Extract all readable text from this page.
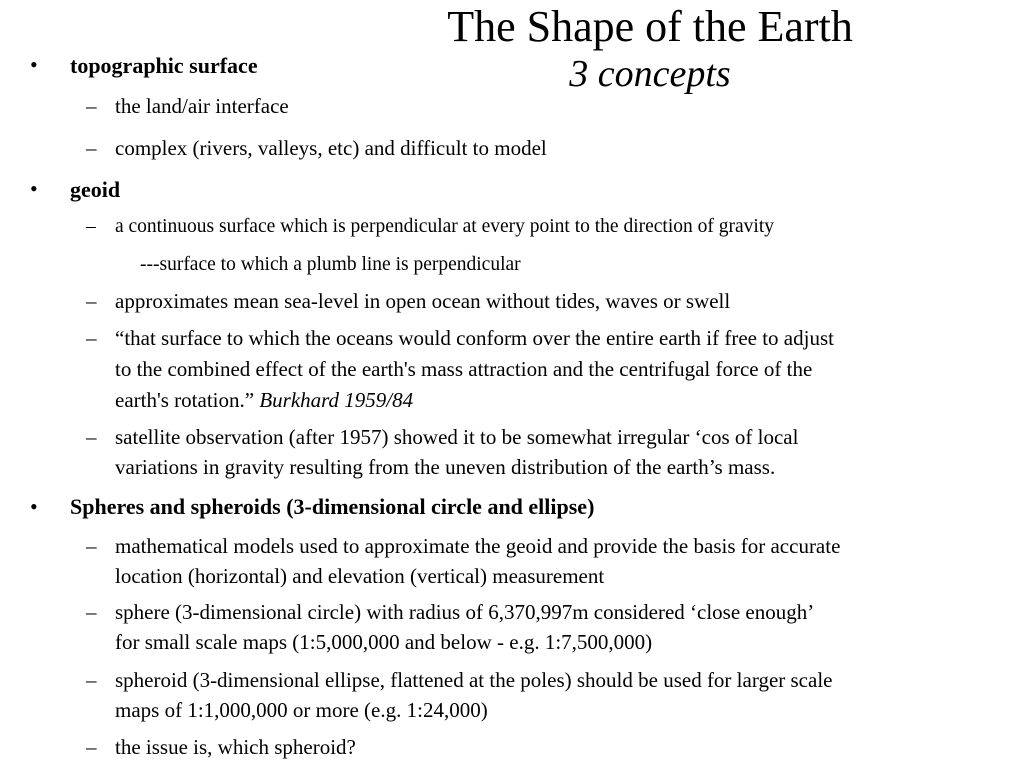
The Shape of the Earth
3 concepts
• topographic surface
– the land/air interface
– complex (rivers, valleys, etc) and difficult to model
• geoid
– a continuous surface which is perpendicular at every point to the direction of gravity
---surface to which a plumb line is perpendicular
– approximates mean sea-level in open ocean without tides, waves or swell
– “that surface to which the oceans would conform over the entire earth if free to adjust
to the combined effect of the earth's mass attraction and the centrifugal force of the
earth's rotation.” Burkhard 1959/84
– satellite observation (after 1957) showed it to be somewhat irregular ‘cos of local
variations in gravity resulting from the uneven distribution of the earth’s mass.
• Spheres and spheroids (3-dimensional circle and ellipse)
– mathematical models used to approximate the geoid and provide the basis for accurate
location (horizontal) and elevation (vertical) measurement
– sphere (3-dimensional circle) with radius of 6,370,997m considered ‘close enough’
for small scale maps (1:5,000,000 and below - e.g. 1:7,500,000)
– spheroid (3-dimensional ellipse, flattened at the poles) should be used for larger scale
maps of 1:1,000,000 or more (e.g. 1:24,000)
– the issue is, which spheroid?
